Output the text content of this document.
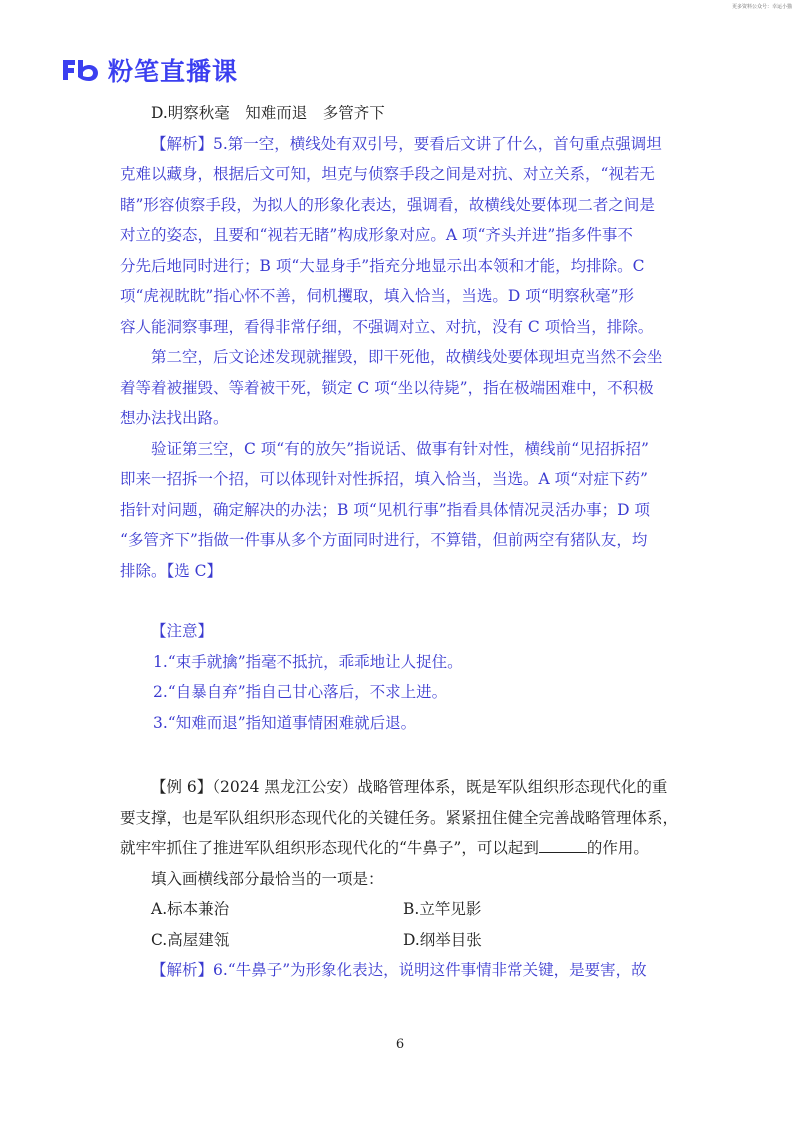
更多资料公众号：幸运小猫
粉笔直播课
D.明察秋毫　知难而退　多管齐下
【解析】5.第一空，横线处有双引号，要看后文讲了什么，首句重点强调坦
克难以藏身，根据后文可知，坦克与侦察手段之间是对抗、对立关系，“视若无
睹”形容侦察手段，为拟人的形象化表达，强调看，故横线处要体现二者之间是
对立的姿态，且要和“视若无睹”构成形象对应。A 项“齐头并进”指多件事不
分先后地同时进行；B 项“大显身手”指充分地显示出本领和才能，均排除。C
项“虎视眈眈”指心怀不善，伺机攫取，填入恰当，当选。D 项“明察秋毫”形
容人能洞察事理，看得非常仔细，不强调对立、对抗，没有 C 项恰当，排除。
第二空，后文论述发现就摧毁，即干死他，故横线处要体现坦克当然不会坐
着等着被摧毁、等着被干死，锁定 C 项“坐以待毙”，指在极端困难中，不积极
想办法找出路。
验证第三空，C 项“有的放矢”指说话、做事有针对性，横线前“见招拆招”
即来一招拆一个招，可以体现针对性拆招，填入恰当，当选。A 项“对症下药”
指针对问题，确定解决的办法；B 项“见机行事”指看具体情况灵活办事；D 项
“多管齐下”指做一件事从多个方面同时进行，不算错，但前两空有猪队友，均
排除。【选 C】
【注意】
1.“束手就擒”指毫不抵抗，乖乖地让人捉住。
2.“自暴自弃”指自己甘心落后，不求上进。
3.“知难而退”指知道事情困难就后退。
【例 6】（2024 黑龙江公安）战略管理体系，既是军队组织形态现代化的重
要支撑，也是军队组织形态现代化的关键任务。紧紧扭住健全完善战略管理体系，
就牢牢抓住了推进军队组织形态现代化的“牛鼻子”，可以起到	的作用。
填入画横线部分最恰当的一项是：
A.标本兼治	B.立竿见影
C.高屋建瓴	D.纲举目张
【解析】6.“牛鼻子”为形象化表达，说明这件事情非常关键，是要害，故
6
